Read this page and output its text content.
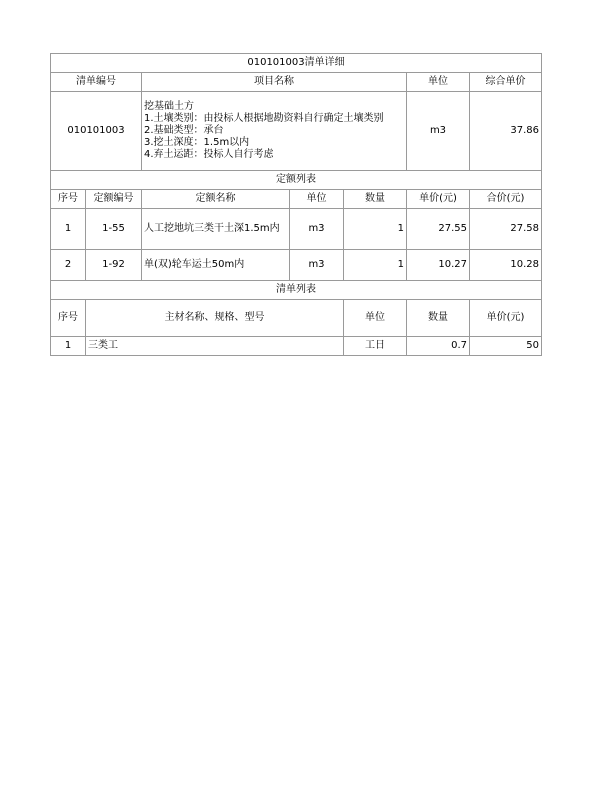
010101003清单详细							
清单编号		项目名称			单位	综合单价	
010101003		挖基础土方
1.土壤类别：由投标人根据地勘资料自行确定土壤类别
2.基础类型：承台
3.挖土深度：1.5m以内
4.弃土运距：投标人自行考虑			m3	37.86	
定额列表							
序号	定额编号	定额名称	单位	数量	单价(元)	合价(元)	
1	1-55	人工挖地坑三类干土深1.5m内	m3	1	27.55	27.58	
2	1-92	单(双)轮车运土50m内	m3	1	10.27	10.28	
清单列表							
序号	主材名称、规格、型号			单位	数量	单价(元)	
1	三类工			工日	0.7	50	
